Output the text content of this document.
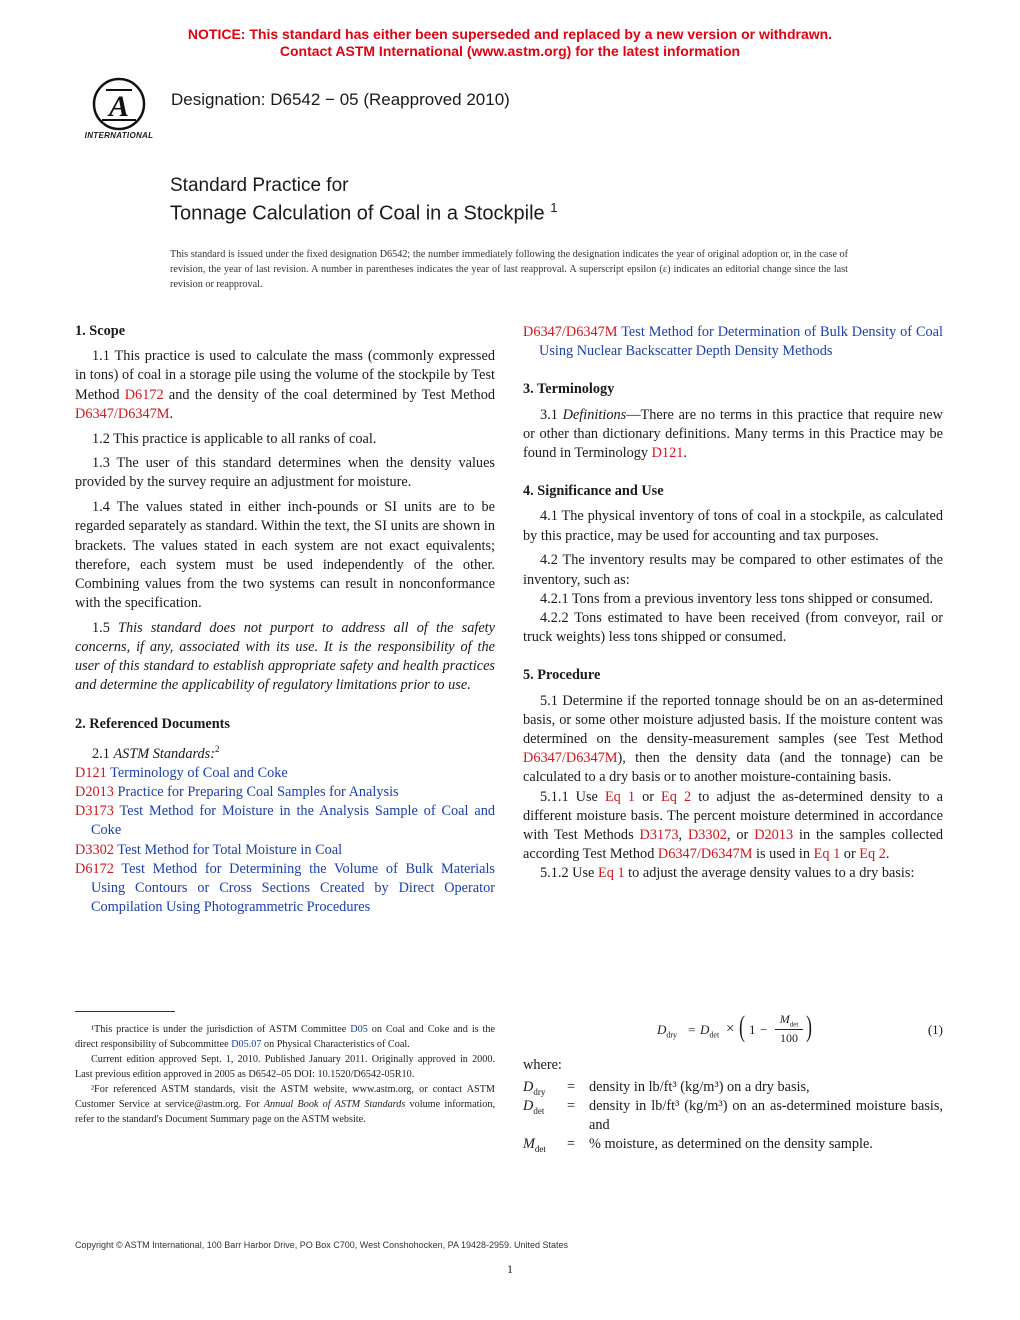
NOTICE: This standard has either been superseded and replaced by a new version or withdrawn.
Contact ASTM International (www.astm.org) for the latest information
A
INTERNATIONAL
Designation: D6542 − 05 (Reapproved 2010)
Standard Practice for
Tonnage Calculation of Coal in a Stockpile $^1$
This standard is issued under the fixed designation D6542; the number immediately following the designation indicates the year of original adoption or, in the case of revision, the year of last revision. A number in parentheses indicates the year of last reapproval. A superscript epsilon (ε) indicates an editorial change since the last revision or reapproval.
1. Scope

1.1 This practice is used to calculate the mass (commonly expressed in tons) of coal in a storage pile using the volume of the stockpile by Test Method D6172 and the density of the coal determined by Test Method D6347/D6347M.

1.2 This practice is applicable to all ranks of coal.

1.3 The user of this standard determines when the density values provided by the survey require an adjustment for moisture.

1.4 The values stated in either inch-pounds or SI units are to be regarded separately as standard. Within the text, the SI units are shown in brackets. The values stated in each system are not exact equivalents; therefore, each system must be used independently of the other. Combining values from the two systems can result in nonconformance with the specification.

1.5 This standard does not purport to address all of the safety concerns, if any, associated with its use. It is the responsibility of the user of this standard to establish appropriate safety and health practices and determine the applicability of regulatory limitations prior to use.

2. Referenced Documents

2.1 ASTM Standards:$^2$

D121 Terminology of Coal and Coke
D2013 Practice for Preparing Coal Samples for Analysis
D3173 Test Method for Moisture in the Analysis Sample of Coal and Coke
D3302 Test Method for Total Moisture in Coal
D6172 Test Method for Determining the Volume of Bulk Materials Using Contours or Cross Sections Created by Direct Operator Compilation Using Photogrammetric Procedures
D6347/D6347M Test Method for Determination of Bulk Density of Coal Using Nuclear Backscatter Depth Density Methods
3. Terminology

3.1 Definitions—There are no terms in this practice that require new or other than dictionary definitions. Many terms in this Practice may be found in Terminology D121.

4. Significance and Use

4.1 The physical inventory of tons of coal in a stockpile, as calculated by this practice, may be used for accounting and tax purposes.

4.2 The inventory results may be compared to other estimates of the inventory, such as:

4.2.1 Tons from a previous inventory less tons shipped or consumed.

4.2.2 Tons estimated to have been received (from conveyor, rail or truck weights) less tons shipped or consumed.

5. Procedure

5.1 Determine if the reported tonnage should be on an as-determined basis, or some other moisture adjusted basis. If the moisture content was determined on the density-measurement samples (see Test Method D6347/D6347M), then the density data (and the tonnage) can be calculated to a dry basis or to another moisture-containing basis.

5.1.1 Use Eq 1 or Eq 2 to adjust the as-determined density to a different moisture basis. The percent moisture determined in accordance with Test Methods D3173, D3302, or D2013 in the samples collected according Test Method D6347/D6347M is used in Eq 1 or Eq 2.

5.1.2 Use Eq 1 to adjust the average density values to a dry basis:

$D_{dry} = D_{det}$ × ( 1 −
$M_{det}$
100 )	(1)
where:
$D_{dry}$ = density in lb/ft³ (kg/m³) on a dry basis,
$D_{det}$ = density in lb/ft³ (kg/m³) on an as-determined moisture basis, and
$M_{det}$ = % moisture, as determined on the density sample.

¹This practice is under the jurisdiction of ASTM Committee D05 on Coal and Coke and is the direct responsibility of Subcommittee D05.07 on Physical Characteristics of Coal.

Current edition approved Sept. 1, 2010. Published January 2011. Originally approved in 2000. Last previous edition approved in 2005 as D6542–05 DOI: 10.1520/D6542-05R10.

²For referenced ASTM standards, visit the ASTM website, www.astm.org, or contact ASTM Customer Service at service@astm.org. For Annual Book of ASTM Standards volume information, refer to the standard's Document Summary page on the ASTM website.

Copyright © ASTM International, 100 Barr Harbor Drive, PO Box C700, West Conshohocken, PA 19428-2959. United States
1
